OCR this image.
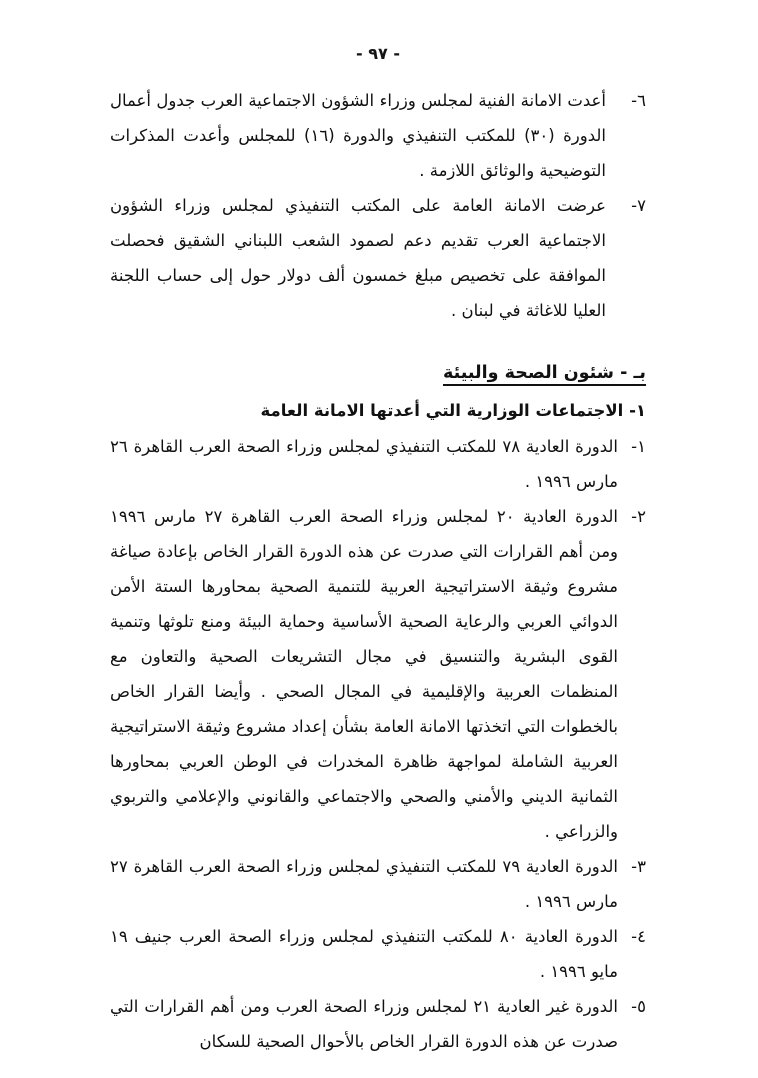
- ٩٧ -

٦-أعدت الامانة الفنية لمجلس وزراء الشؤون الاجتماعية العرب جدول أعمال الدورة (٣٠) للمكتب التنفيذي والدورة (١٦) للمجلس وأعدت المذكرات التوضيحية والوثائق اللازمة .

٧-عرضت الامانة العامة على المكتب التنفيذي لمجلس وزراء الشؤون الاجتماعية العرب تقديم دعم لصمود الشعب اللبناني الشقيق فحصلت الموافقة على تخصيص مبلغ خمسون ألف دولار حول إلى حساب اللجنة العليا للاغاثة في لبنان .

بـ - شئون الصحة والبيئة
١- الاجتماعات الوزارية التي أعدتها الامانة العامة

١-الدورة العادية ٧٨ للمكتب التنفيذي لمجلس وزراء الصحة العرب القاهرة ٢٦ مارس ١٩٩٦ .

٢-الدورة العادية ٢٠ لمجلس وزراء الصحة العرب القاهرة ٢٧ مارس ١٩٩٦ ومن أهم القرارات التي صدرت عن هذه الدورة القرار الخاص بإعادة صياغة مشروع وثيقة الاستراتيجية العربية للتنمية الصحية بمحاورها الستة الأمن الدوائي العربي والرعاية الصحية الأساسية وحماية البيئة ومنع تلوثها وتنمية القوى البشرية والتنسيق في مجال التشريعات الصحية والتعاون مع المنظمات العربية والإقليمية في المجال الصحي . وأيضا القرار الخاص بالخطوات التي اتخذتها الامانة العامة بشأن إعداد مشروع وثيقة الاستراتيجية العربية الشاملة لمواجهة ظاهرة المخدرات في الوطن العربي بمحاورها الثمانية الديني والأمني والصحي والاجتماعي والقانوني والإعلامي والتربوي والزراعي .

٣-الدورة العادية ٧٩ للمكتب التنفيذي لمجلس وزراء الصحة العرب القاهرة ٢٧ مارس ١٩٩٦ .

٤-الدورة العادية ٨٠ للمكتب التنفيذي لمجلس وزراء الصحة العرب جنيف ١٩ مايو ١٩٩٦ .

٥-الدورة غير العادية ٢١ لمجلس وزراء الصحة العرب ومن أهم القرارات التي صدرت عن هذه الدورة القرار الخاص بالأحوال الصحية للسكان
